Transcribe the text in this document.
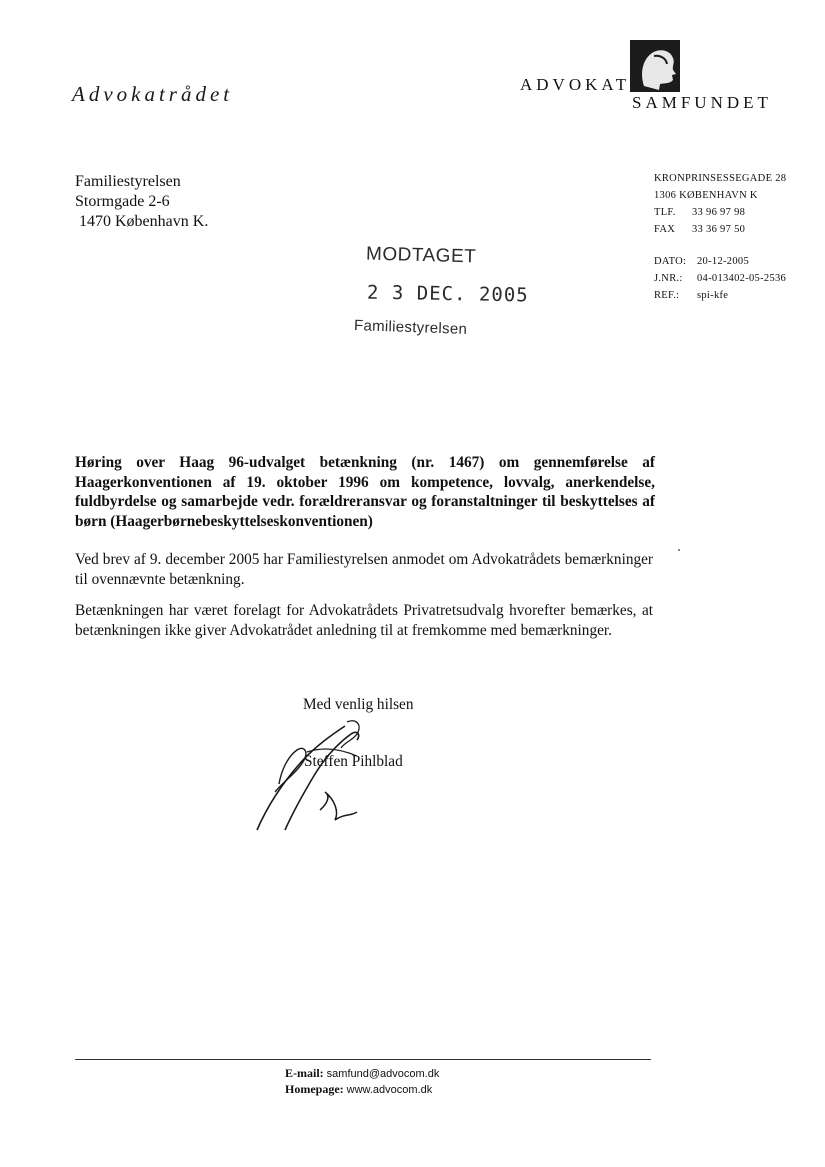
Advokatrådet	ADVOKAT
SAMFUNDET
Familiestyrelsen
Stormgade 2-6
1470 København K.
KRONPRINSESSEGADE 28
1306 KØBENHAVN K
TLF. 33 96 97 98
FAX 33 36 97 50
DATO: 20-12-2005
J.NR.: 04-013402-05-2536
REF.: spi-kfe
MODTAGET
2 3 DEC. 2005
Familiestyrelsen
Høring over Haag 96-udvalget betænkning (nr. 1467) om gennemførelse af Haagerkonventionen af 19. oktober 1996 om kompetence, lovvalg, anerkendelse, fuldbyrdelse og samarbejde vedr. forældreransvar og foranstaltninger til beskyttelses af børn (Haagerbørnebeskyttelseskonventionen)
Ved brev af 9. december 2005 har Familiestyrelsen anmodet om Advokatrådets bemærkninger til ovennævnte betænkning.
Betænkningen har været forelagt for Advokatrådets Privatretsudvalg hvorefter bemærkes, at betænkningen ikke giver Advokatrådet anledning til at fremkomme med bemærkninger.
Med venlig hilsen
Steffen Pihlblad
E-mail: samfund@advocom.dk
Homepage: www.advocom.dk
